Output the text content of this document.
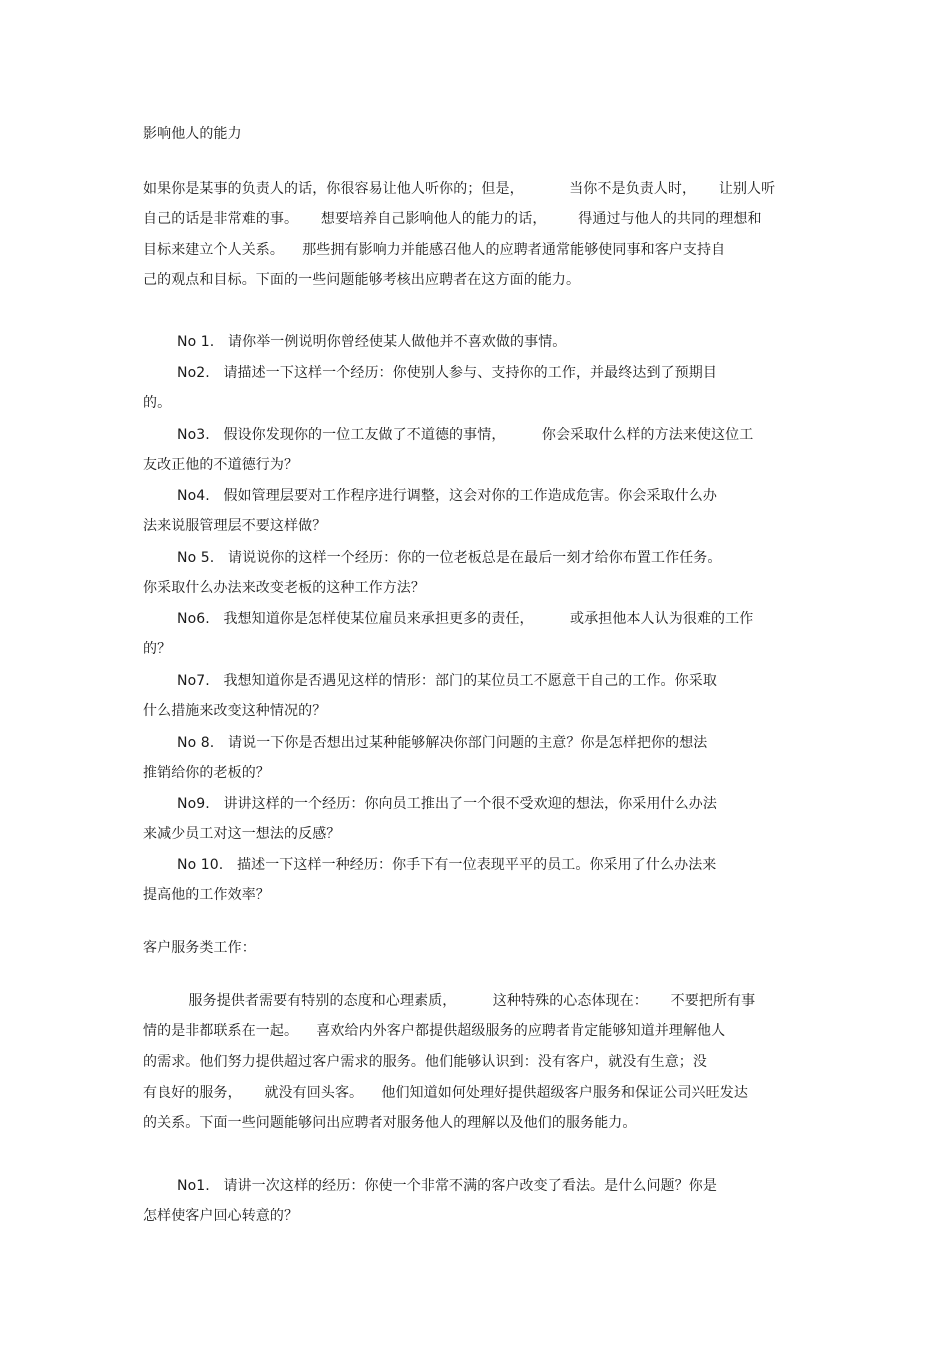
影响他人的能力
如果你是某事的负责人的话，你很容易让他人听你的；但是，          当你不是负责人时，     让别人听
自己的话是非常难的事。     想要培养自己影响他人的能力的话，       得通过与他人的共同的理想和
目标来建立个人关系。    那些拥有影响力并能感召他人的应聘者通常能够使同事和客户支持自
己的观点和目标。下面的一些问题能够考核出应聘者在这方面的能力。
No 1.   请你举一例说明你曾经使某人做他并不喜欢做的事情。
No2.   请描述一下这样一个经历：你使别人参与、支持你的工作，并最终达到了预期目
的。
No3.   假设你发现你的一位工友做了不道德的事情，        你会采取什么样的方法来使这位工
友改正他的不道德行为？
No4.   假如管理层要对工作程序进行调整，这会对你的工作造成危害。你会采取什么办
法来说服管理层不要这样做？
No 5.   请说说你的这样一个经历：你的一位老板总是在最后一刻才给你布置工作任务。
你采取什么办法来改变老板的这种工作方法？
No6.   我想知道你是怎样使某位雇员来承担更多的责任，        或承担他本人认为很难的工作
的？
No7.   我想知道你是否遇见这样的情形：部门的某位员工不愿意干自己的工作。你采取
什么措施来改变这种情况的？
No 8.   请说一下你是否想出过某种能够解决你部门问题的主意？你是怎样把你的想法
推销给你的老板的？
No9.   讲讲这样的一个经历：你向员工推出了一个很不受欢迎的想法，你采用什么办法
来减少员工对这一想法的反感？
No 10.   描述一下这样一种经历：你手下有一位表现平平的员工。你采用了什么办法来
提高他的工作效率？
客户服务类工作：
服务提供者需要有特别的态度和心理素质，        这种特殊的心态体现在：     不要把所有事
情的是非都联系在一起。    喜欢给内外客户都提供超级服务的应聘者肯定能够知道并理解他人
的需求。他们努力提供超过客户需求的服务。他们能够认识到：没有客户，就没有生意；没
有良好的服务，     就没有回头客。    他们知道如何处理好提供超级客户服务和保证公司兴旺发达
的关系。下面一些问题能够问出应聘者对服务他人的理解以及他们的服务能力。
No1.   请讲一次这样的经历：你使一个非常不满的客户改变了看法。是什么问题？你是
怎样使客户回心转意的？
